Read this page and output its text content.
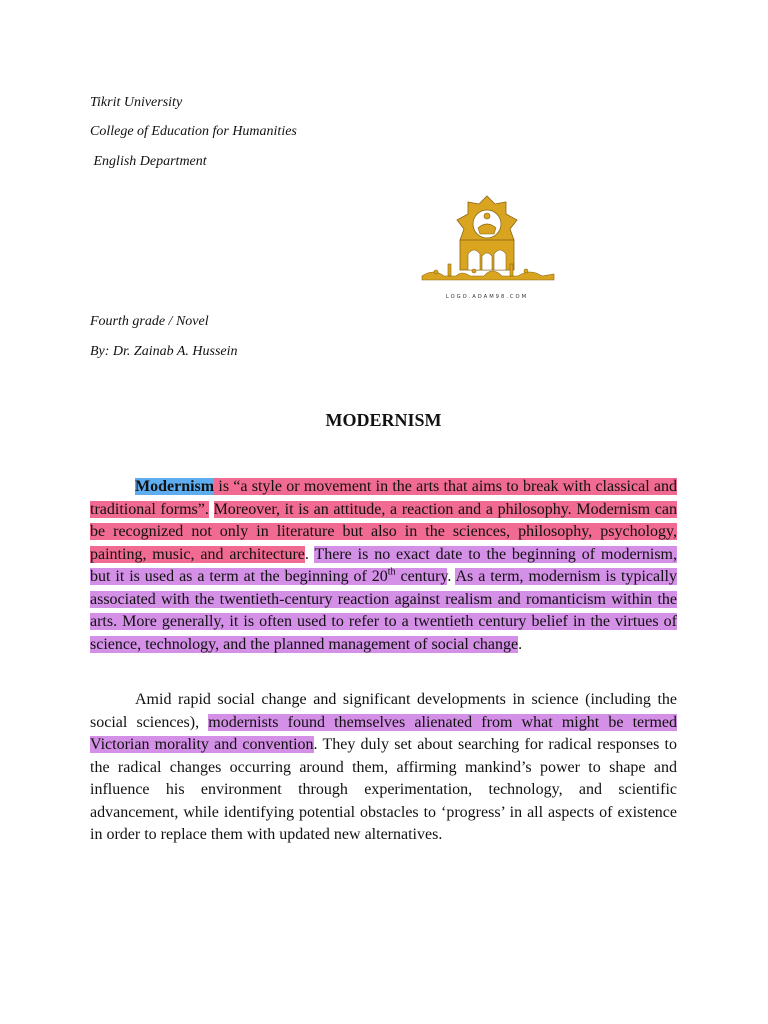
Tikrit University
College of Education for Humanities
English Department
LOGO.ADAM98.COM
Fourth grade / Novel
By: Dr. Zainab A. Hussein
MODERNISM

Modernism is “a style or movement in the arts that aims to break with classical and traditional forms”. Moreover, it is an attitude, a reaction and a philosophy. Modernism can be recognized not only in literature but also in the sciences, philosophy, psychology, painting, music, and architecture. There is no exact date to the beginning of modernism, but it is used as a term at the beginning of 20th century. As a term, modernism is typically associated with the twentieth-century reaction against realism and romanticism within the arts. More generally, it is often used to refer to a twentieth century belief in the virtues of science, technology, and the planned management of social change.

Amid rapid social change and significant developments in science (including the social sciences), modernists found themselves alienated from what might be termed Victorian morality and convention. They duly set about searching for radical responses to the radical changes occurring around them, affirming mankind’s power to shape and influence his environment through experimentation, technology, and scientific advancement, while identifying potential obstacles to ‘progress’ in all aspects of existence in order to replace them with updated new alternatives.
